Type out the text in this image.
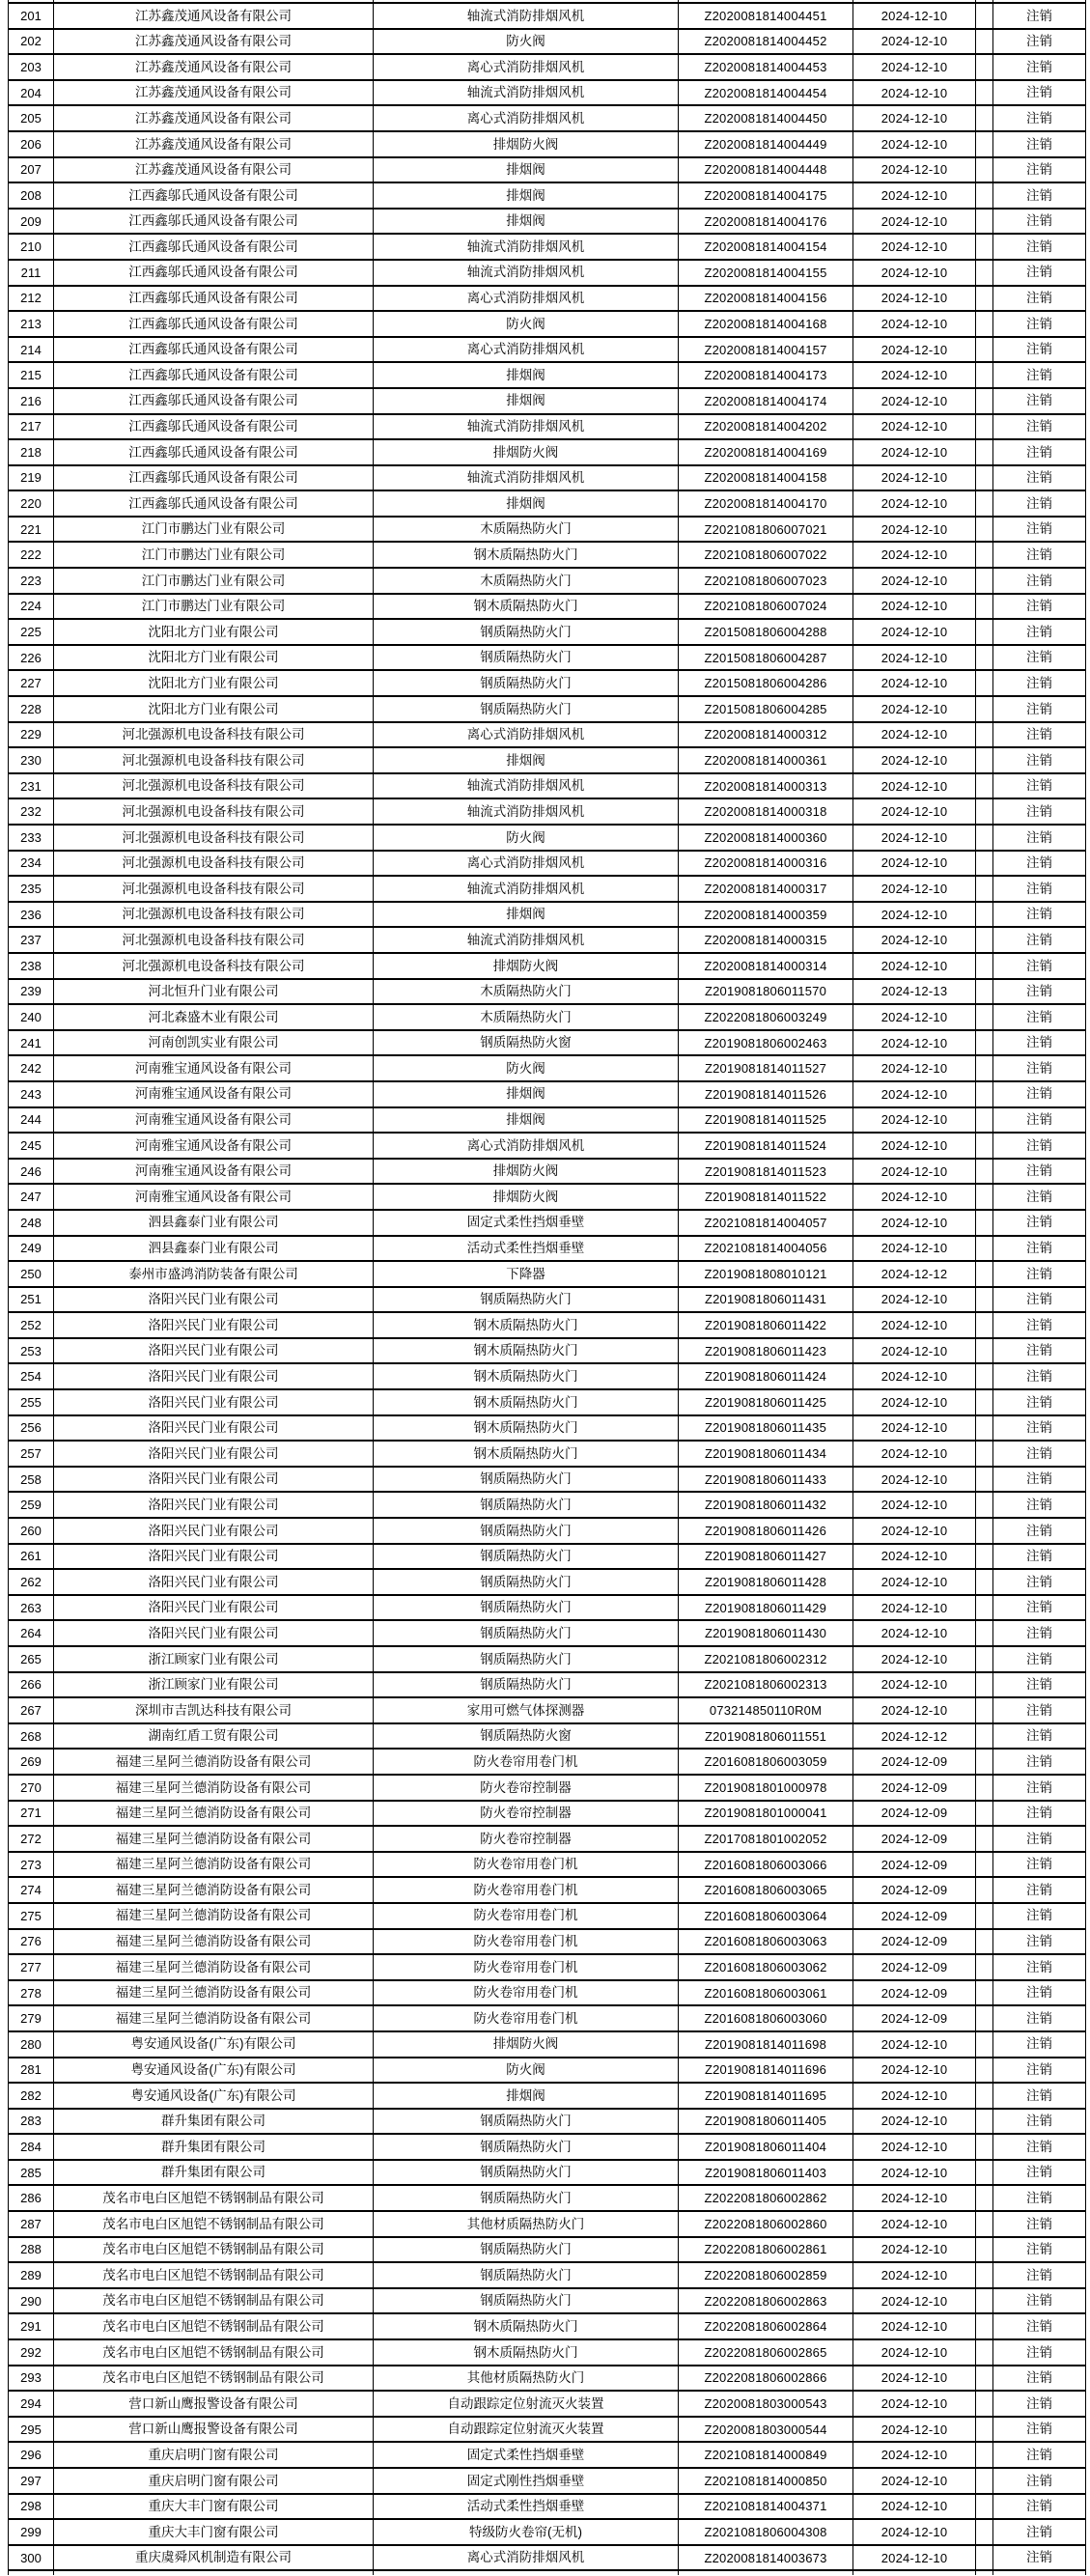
201	江苏鑫茂通风设备有限公司	轴流式消防排烟风机	Z2020081814004451	2024-12-10	注销
202	江苏鑫茂通风设备有限公司	防火阀	Z2020081814004452	2024-12-10	注销
203	江苏鑫茂通风设备有限公司	离心式消防排烟风机	Z2020081814004453	2024-12-10	注销
204	江苏鑫茂通风设备有限公司	轴流式消防排烟风机	Z2020081814004454	2024-12-10	注销
205	江苏鑫茂通风设备有限公司	离心式消防排烟风机	Z2020081814004450	2024-12-10	注销
206	江苏鑫茂通风设备有限公司	排烟防火阀	Z2020081814004449	2024-12-10	注销
207	江苏鑫茂通风设备有限公司	排烟阀	Z2020081814004448	2024-12-10	注销
208	江西鑫邬氏通风设备有限公司	排烟阀	Z2020081814004175	2024-12-10	注销
209	江西鑫邬氏通风设备有限公司	排烟阀	Z2020081814004176	2024-12-10	注销
210	江西鑫邬氏通风设备有限公司	轴流式消防排烟风机	Z2020081814004154	2024-12-10	注销
211	江西鑫邬氏通风设备有限公司	轴流式消防排烟风机	Z2020081814004155	2024-12-10	注销
212	江西鑫邬氏通风设备有限公司	离心式消防排烟风机	Z2020081814004156	2024-12-10	注销
213	江西鑫邬氏通风设备有限公司	防火阀	Z2020081814004168	2024-12-10	注销
214	江西鑫邬氏通风设备有限公司	离心式消防排烟风机	Z2020081814004157	2024-12-10	注销
215	江西鑫邬氏通风设备有限公司	排烟阀	Z2020081814004173	2024-12-10	注销
216	江西鑫邬氏通风设备有限公司	排烟阀	Z2020081814004174	2024-12-10	注销
217	江西鑫邬氏通风设备有限公司	轴流式消防排烟风机	Z2020081814004202	2024-12-10	注销
218	江西鑫邬氏通风设备有限公司	排烟防火阀	Z2020081814004169	2024-12-10	注销
219	江西鑫邬氏通风设备有限公司	轴流式消防排烟风机	Z2020081814004158	2024-12-10	注销
220	江西鑫邬氏通风设备有限公司	排烟阀	Z2020081814004170	2024-12-10	注销
221	江门市鹏达门业有限公司	木质隔热防火门	Z2021081806007021	2024-12-10	注销
222	江门市鹏达门业有限公司	钢木质隔热防火门	Z2021081806007022	2024-12-10	注销
223	江门市鹏达门业有限公司	木质隔热防火门	Z2021081806007023	2024-12-10	注销
224	江门市鹏达门业有限公司	钢木质隔热防火门	Z2021081806007024	2024-12-10	注销
225	沈阳北方门业有限公司	钢质隔热防火门	Z2015081806004288	2024-12-10	注销
226	沈阳北方门业有限公司	钢质隔热防火门	Z2015081806004287	2024-12-10	注销
227	沈阳北方门业有限公司	钢质隔热防火门	Z2015081806004286	2024-12-10	注销
228	沈阳北方门业有限公司	钢质隔热防火门	Z2015081806004285	2024-12-10	注销
229	河北强源机电设备科技有限公司	离心式消防排烟风机	Z2020081814000312	2024-12-10	注销
230	河北强源机电设备科技有限公司	排烟阀	Z2020081814000361	2024-12-10	注销
231	河北强源机电设备科技有限公司	轴流式消防排烟风机	Z2020081814000313	2024-12-10	注销
232	河北强源机电设备科技有限公司	轴流式消防排烟风机	Z2020081814000318	2024-12-10	注销
233	河北强源机电设备科技有限公司	防火阀	Z2020081814000360	2024-12-10	注销
234	河北强源机电设备科技有限公司	离心式消防排烟风机	Z2020081814000316	2024-12-10	注销
235	河北强源机电设备科技有限公司	轴流式消防排烟风机	Z2020081814000317	2024-12-10	注销
236	河北强源机电设备科技有限公司	排烟阀	Z2020081814000359	2024-12-10	注销
237	河北强源机电设备科技有限公司	轴流式消防排烟风机	Z2020081814000315	2024-12-10	注销
238	河北强源机电设备科技有限公司	排烟防火阀	Z2020081814000314	2024-12-10	注销
239	河北恒升门业有限公司	木质隔热防火门	Z2019081806011570	2024-12-13	注销
240	河北森盛木业有限公司	木质隔热防火门	Z2022081806003249	2024-12-10	注销
241	河南创凯实业有限公司	钢质隔热防火窗	Z2019081806002463	2024-12-10	注销
242	河南雅宝通风设备有限公司	防火阀	Z2019081814011527	2024-12-10	注销
243	河南雅宝通风设备有限公司	排烟阀	Z2019081814011526	2024-12-10	注销
244	河南雅宝通风设备有限公司	排烟阀	Z2019081814011525	2024-12-10	注销
245	河南雅宝通风设备有限公司	离心式消防排烟风机	Z2019081814011524	2024-12-10	注销
246	河南雅宝通风设备有限公司	排烟防火阀	Z2019081814011523	2024-12-10	注销
247	河南雅宝通风设备有限公司	排烟防火阀	Z2019081814011522	2024-12-10	注销
248	泗县鑫泰门业有限公司	固定式柔性挡烟垂壁	Z2021081814004057	2024-12-10	注销
249	泗县鑫泰门业有限公司	活动式柔性挡烟垂壁	Z2021081814004056	2024-12-10	注销
250	泰州市盛鸿消防装备有限公司	下降器	Z2019081808010121	2024-12-12	注销
251	洛阳兴民门业有限公司	钢质隔热防火门	Z2019081806011431	2024-12-10	注销
252	洛阳兴民门业有限公司	钢木质隔热防火门	Z2019081806011422	2024-12-10	注销
253	洛阳兴民门业有限公司	钢木质隔热防火门	Z2019081806011423	2024-12-10	注销
254	洛阳兴民门业有限公司	钢木质隔热防火门	Z2019081806011424	2024-12-10	注销
255	洛阳兴民门业有限公司	钢木质隔热防火门	Z2019081806011425	2024-12-10	注销
256	洛阳兴民门业有限公司	钢木质隔热防火门	Z2019081806011435	2024-12-10	注销
257	洛阳兴民门业有限公司	钢木质隔热防火门	Z2019081806011434	2024-12-10	注销
258	洛阳兴民门业有限公司	钢质隔热防火门	Z2019081806011433	2024-12-10	注销
259	洛阳兴民门业有限公司	钢质隔热防火门	Z2019081806011432	2024-12-10	注销
260	洛阳兴民门业有限公司	钢质隔热防火门	Z2019081806011426	2024-12-10	注销
261	洛阳兴民门业有限公司	钢质隔热防火门	Z2019081806011427	2024-12-10	注销
262	洛阳兴民门业有限公司	钢质隔热防火门	Z2019081806011428	2024-12-10	注销
263	洛阳兴民门业有限公司	钢质隔热防火门	Z2019081806011429	2024-12-10	注销
264	洛阳兴民门业有限公司	钢质隔热防火门	Z2019081806011430	2024-12-10	注销
265	浙江顾家门业有限公司	钢质隔热防火门	Z2021081806002312	2024-12-10	注销
266	浙江顾家门业有限公司	钢质隔热防火门	Z2021081806002313	2024-12-10	注销
267	深圳市吉凯达科技有限公司	家用可燃气体探测器	073214850110R0M	2024-12-10	注销
268	湖南红盾工贸有限公司	钢质隔热防火窗	Z2019081806011551	2024-12-12	注销
269	福建三星阿兰德消防设备有限公司	防火卷帘用卷门机	Z2016081806003059	2024-12-09	注销
270	福建三星阿兰德消防设备有限公司	防火卷帘控制器	Z2019081801000978	2024-12-09	注销
271	福建三星阿兰德消防设备有限公司	防火卷帘控制器	Z2019081801000041	2024-12-09	注销
272	福建三星阿兰德消防设备有限公司	防火卷帘控制器	Z2017081801002052	2024-12-09	注销
273	福建三星阿兰德消防设备有限公司	防火卷帘用卷门机	Z2016081806003066	2024-12-09	注销
274	福建三星阿兰德消防设备有限公司	防火卷帘用卷门机	Z2016081806003065	2024-12-09	注销
275	福建三星阿兰德消防设备有限公司	防火卷帘用卷门机	Z2016081806003064	2024-12-09	注销
276	福建三星阿兰德消防设备有限公司	防火卷帘用卷门机	Z2016081806003063	2024-12-09	注销
277	福建三星阿兰德消防设备有限公司	防火卷帘用卷门机	Z2016081806003062	2024-12-09	注销
278	福建三星阿兰德消防设备有限公司	防火卷帘用卷门机	Z2016081806003061	2024-12-09	注销
279	福建三星阿兰德消防设备有限公司	防火卷帘用卷门机	Z2016081806003060	2024-12-09	注销
280	粤安通风设备(广东)有限公司	排烟防火阀	Z2019081814011698	2024-12-10	注销
281	粤安通风设备(广东)有限公司	防火阀	Z2019081814011696	2024-12-10	注销
282	粤安通风设备(广东)有限公司	排烟阀	Z2019081814011695	2024-12-10	注销
283	群升集团有限公司	钢质隔热防火门	Z2019081806011405	2024-12-10	注销
284	群升集团有限公司	钢质隔热防火门	Z2019081806011404	2024-12-10	注销
285	群升集团有限公司	钢质隔热防火门	Z2019081806011403	2024-12-10	注销
286	茂名市电白区旭铠不锈钢制品有限公司	钢质隔热防火门	Z2022081806002862	2024-12-10	注销
287	茂名市电白区旭铠不锈钢制品有限公司	其他材质隔热防火门	Z2022081806002860	2024-12-10	注销
288	茂名市电白区旭铠不锈钢制品有限公司	钢质隔热防火门	Z2022081806002861	2024-12-10	注销
289	茂名市电白区旭铠不锈钢制品有限公司	钢质隔热防火门	Z2022081806002859	2024-12-10	注销
290	茂名市电白区旭铠不锈钢制品有限公司	钢质隔热防火门	Z2022081806002863	2024-12-10	注销
291	茂名市电白区旭铠不锈钢制品有限公司	钢木质隔热防火门	Z2022081806002864	2024-12-10	注销
292	茂名市电白区旭铠不锈钢制品有限公司	钢木质隔热防火门	Z2022081806002865	2024-12-10	注销
293	茂名市电白区旭铠不锈钢制品有限公司	其他材质隔热防火门	Z2022081806002866	2024-12-10	注销
294	营口新山鹰报警设备有限公司	自动跟踪定位射流灭火装置	Z2020081803000543	2024-12-10	注销
295	营口新山鹰报警设备有限公司	自动跟踪定位射流灭火装置	Z2020081803000544	2024-12-10	注销
296	重庆启明门窗有限公司	固定式柔性挡烟垂壁	Z2021081814000849	2024-12-10	注销
297	重庆启明门窗有限公司	固定式刚性挡烟垂壁	Z2021081814000850	2024-12-10	注销
298	重庆大丰门窗有限公司	活动式柔性挡烟垂壁	Z2021081814004371	2024-12-10	注销
299	重庆大丰门窗有限公司	特级防火卷帘(无机)	Z2021081806004308	2024-12-10	注销
300	重庆虞舜风机制造有限公司	离心式消防排烟风机	Z2020081814003673	2024-12-10	注销
